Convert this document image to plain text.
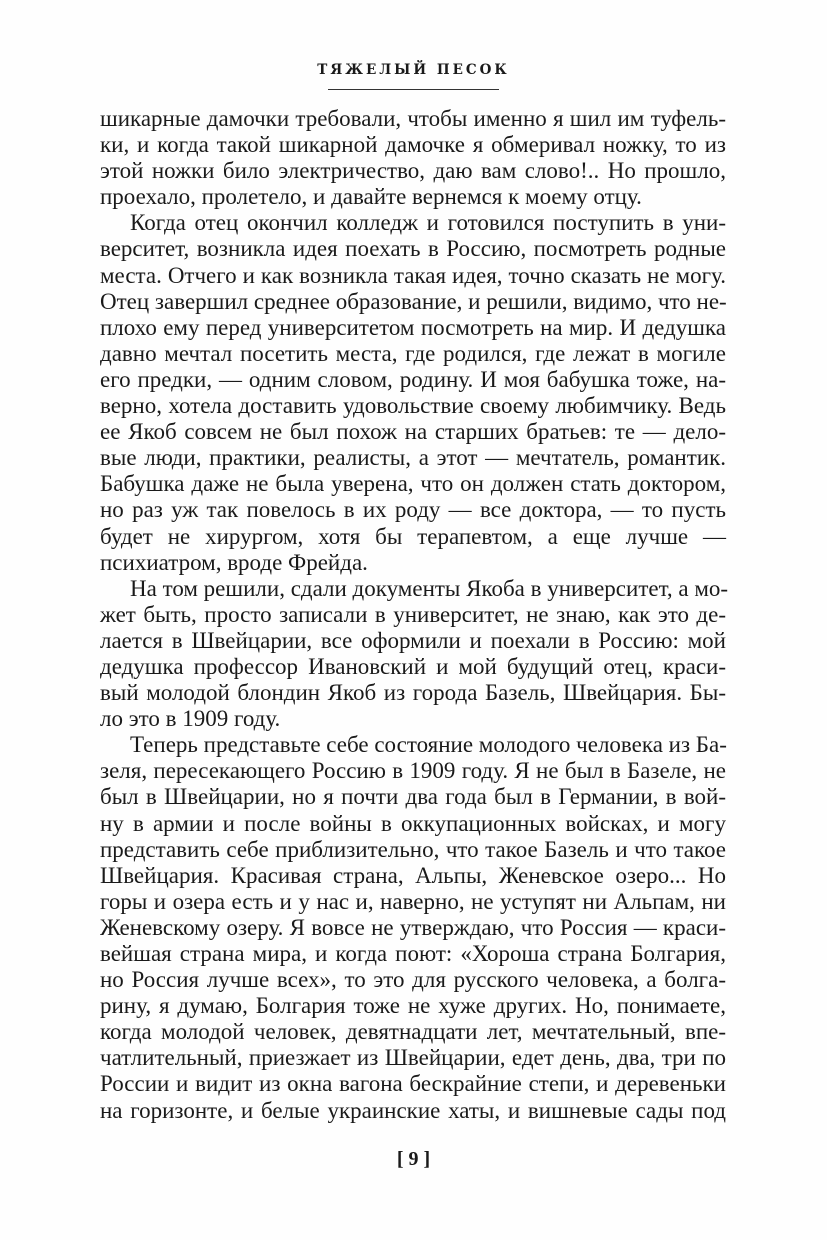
ТЯЖЕЛЫЙ ПЕСОК
шикарные дамочки требовали, чтобы именно я шил им туфель-
ки, и когда такой шикарной дамочке я обмеривал ножку, то из
этой ножки било электричество, даю вам слово!.. Но прошло,
проехало, пролетело, и давайте вернемся к моему отцу.
Когда отец окончил колледж и готовился поступить в уни-
верситет, возникла идея поехать в Россию, посмотреть родные
места. Отчего и как возникла такая идея, точно сказать не могу.
Отец завершил среднее образование, и решили, видимо, что не-
плохо ему перед университетом посмотреть на мир. И дедушка
давно мечтал посетить места, где родился, где лежат в могиле
его предки, — одним словом, родину. И моя бабушка тоже, на-
верно, хотела доставить удовольствие своему любимчику. Ведь
ее Якоб совсем не был похож на старших братьев: те — дело-
вые люди, практики, реалисты, а этот — мечтатель, романтик.
Бабушка даже не была уверена, что он должен стать доктором,
но раз уж так повелось в их роду — все доктора, — то пусть
будет не хирургом, хотя бы терапевтом, а еще лучше —
психиатром, вроде Фрейда.
На том решили, сдали документы Якоба в университет, а мо-
жет быть, просто записали в университет, не знаю, как это де-
лается в Швейцарии, все оформили и поехали в Россию: мой
дедушка профессор Ивановский и мой будущий отец, краси-
вый молодой блондин Якоб из города Базель, Швейцария. Бы-
ло это в 1909 году.
Теперь представьте себе состояние молодого человека из Ба-
зеля, пересекающего Россию в 1909 году. Я не был в Базеле, не
был в Швейцарии, но я почти два года был в Германии, в вой-
ну в армии и после войны в оккупационных войсках, и могу
представить себе приблизительно, что такое Базель и что такое
Швейцария. Красивая страна, Альпы, Женевское озеро... Но
горы и озера есть и у нас и, наверно, не уступят ни Альпам, ни
Женевскому озеру. Я вовсе не утверждаю, что Россия — краси-
вейшая страна мира, и когда поют: «Хороша страна Болгария,
но Россия лучше всех», то это для русского человека, а болга-
рину, я думаю, Болгария тоже не хуже других. Но, понимаете,
когда молодой человек, девятнадцати лет, мечтательный, впе-
чатлительный, приезжает из Швейцарии, едет день, два, три по
России и видит из окна вагона бескрайние степи, и деревеньки
на горизонте, и белые украинские хаты, и вишневые сады под
[ 9 ]
